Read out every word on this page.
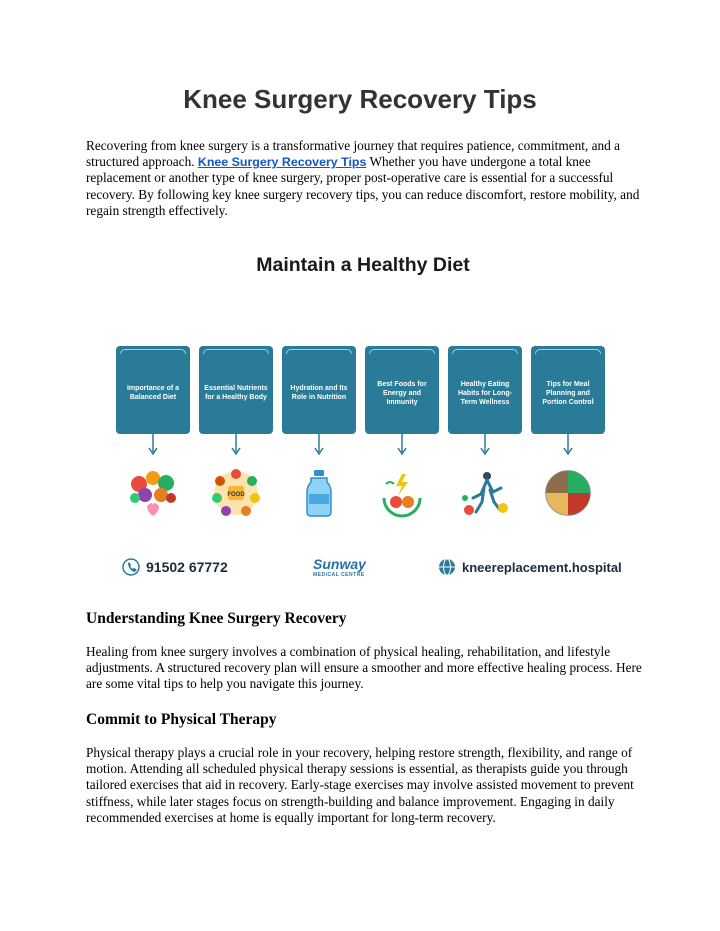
Knee Surgery Recovery Tips

Recovering from knee surgery is a transformative journey that requires patience, commitment, and a structured approach. Knee Surgery Recovery Tips Whether you have undergone a total knee replacement or another type of knee surgery, proper post-operative care is essential for a successful recovery. By following key knee surgery recovery tips, you can reduce discomfort, restore mobility, and regain strength effectively.

Maintain a Healthy Diet
Importance of a Balanced Diet
Essential Nutrients for a Healthy Body
Hydration and Its Role in Nutrition
Best Foods for Energy and Immunity
Healthy Eating Habits for Long-Term Wellness
Tips for Meal Planning and Portion Control
FOOD
91502 67772	Sunway
MEDICAL CENTRE
kneereplacement.hospital
Understanding Knee Surgery Recovery

Healing from knee surgery involves a combination of physical healing, rehabilitation, and lifestyle adjustments. A structured recovery plan will ensure a smoother and more effective healing process. Here are some vital tips to help you navigate this journey.

Commit to Physical Therapy

Physical therapy plays a crucial role in your recovery, helping restore strength, flexibility, and range of motion. Attending all scheduled physical therapy sessions is essential, as therapists guide you through tailored exercises that aid in recovery. Early-stage exercises may involve assisted movement to prevent stiffness, while later stages focus on strength-building and balance improvement. Engaging in daily recommended exercises at home is equally important for long-term recovery.
